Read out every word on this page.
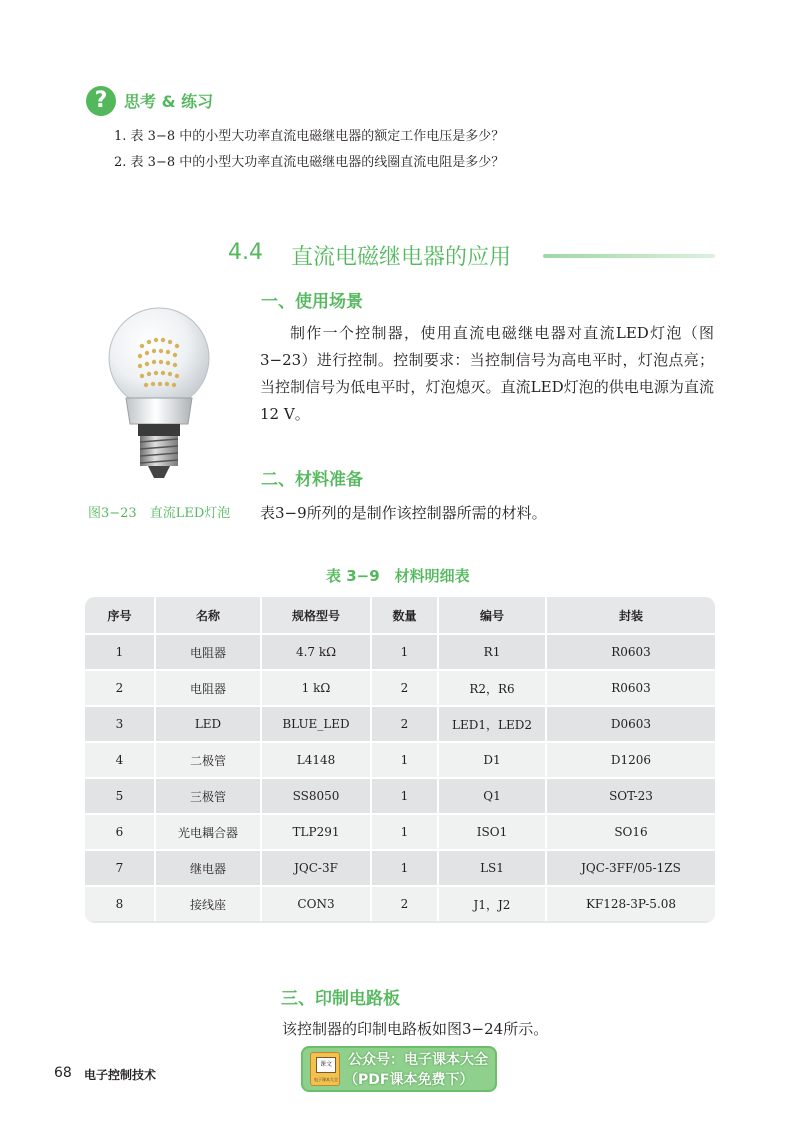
?	思考 & 练习
1. 表 3−8 中的小型大功率直流电磁继电器的额定工作电压是多少？
2. 表 3−8 中的小型大功率直流电磁继电器的线圈直流电阻是多少？
4.4 直流电磁继电器的应用
一、使用场景
制作一个控制器，使用直流电磁继电器对直流LED灯泡（图3−23）进行控制。控制要求：当控制信号为高电平时，灯泡点亮；当控制信号为低电平时，灯泡熄灭。直流LED灯泡的供电电源为直流12 V。
图3−23　直流LED灯泡
二、材料准备
表3−9所列的是制作该控制器所需的材料。
表 3−9　材料明细表
序号	名称	规格型号	数量	编号	封装
1	电阻器	4.7 kΩ	1	R1	R0603
2	电阻器	1 kΩ	2	R2，R6	R0603
3	LED	BLUE_LED	2	LED1，LED2	D0603
4	二极管	L4148	1	D1	D1206
5	三极管	SS8050	1	Q1	SOT-23
6	光电耦合器	TLP291	1	ISO1	SO16
7	继电器	JQC-3F	1	LS1	JQC-3FF/05-1ZS
8	接线座	CON3	2	J1，J2	KF128-3P-5.08
三、印制电路板
该控制器的印制电路板如图3−24所示。
68 电子控制技术
课文
电子课本大全
公众号：电子课本大全
（PDF课本免费下）
